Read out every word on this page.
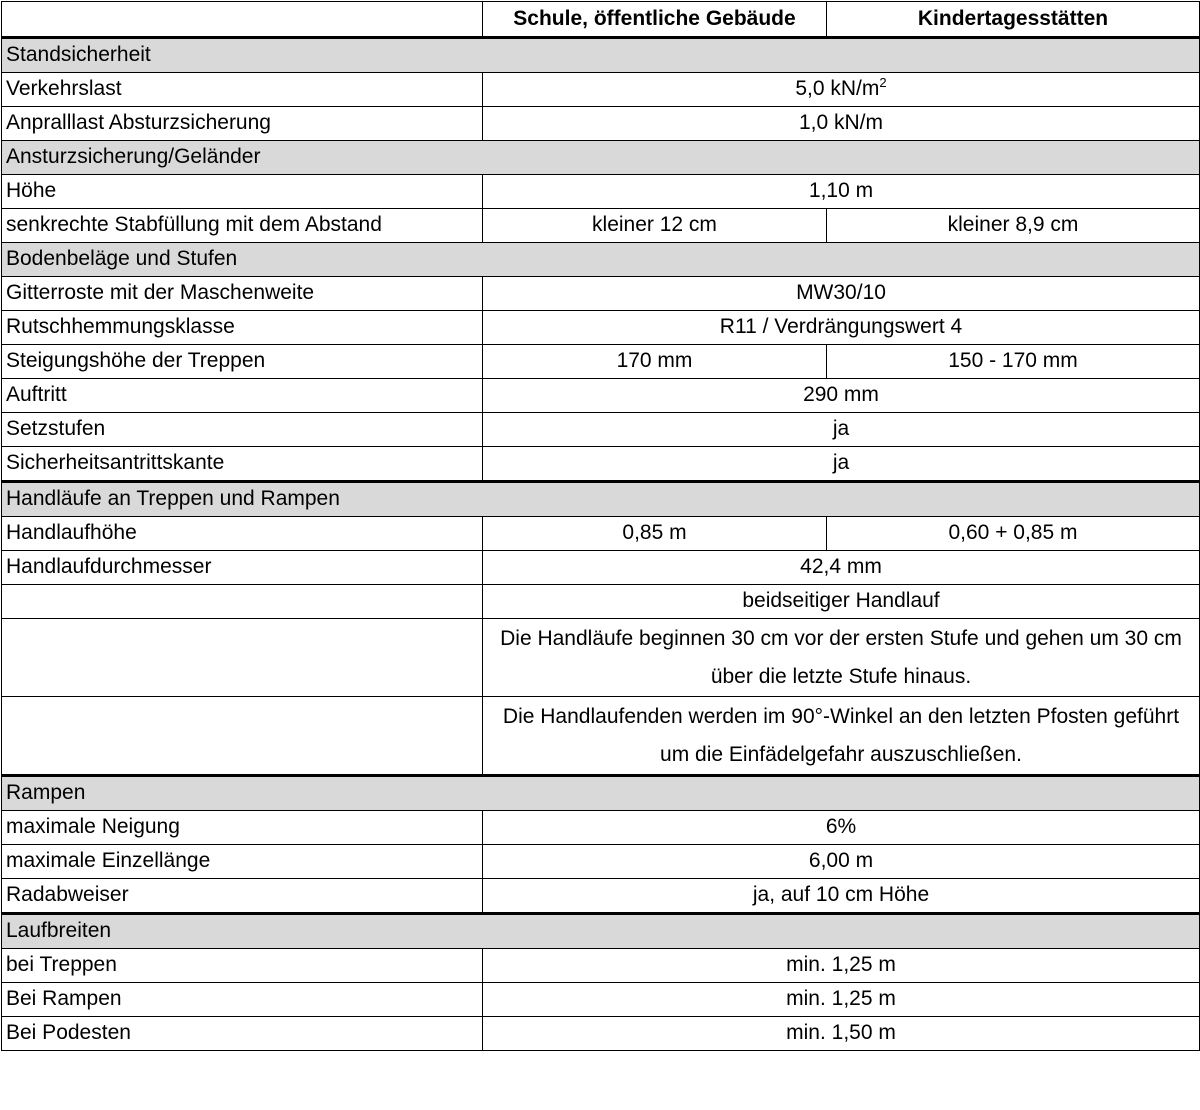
	Schule, öffentliche Gebäude	Kindertagesstätten
Standsicherheit		
Verkehrslast	5,0 $kN/m^2$
Anpralllast Absturzsicherung	1,0 kN/m	
Ansturzsicherung/Geländer		
Höhe	1,10 m	
senkrechte Stabfüllung mit dem Abstand	kleiner 12 cm	kleiner 8,9 cm
Bodenbeläge und Stufen		
Gitterroste mit der Maschenweite	MW30/10	
Rutschhemmungsklasse	R11 / Verdrängungswert 4	
Steigungshöhe der Treppen	170 mm	150 - 170 mm
Auftritt	290 mm	
Setzstufen	ja	
Sicherheitsantrittskante	ja	
Handläufe an Treppen und Rampen		
Handlaufhöhe	0,85 m	0,60 + 0,85 m
Handlaufdurchmesser	42,4 mm	
	beidseitiger Handlauf	
	Die Handläufe beginnen 30 cm vor der ersten Stufe und gehen um 30 cm über die letzte Stufe hinaus.	
	Die Handlaufenden werden im 90°-Winkel an den letzten Pfosten geführt um die Einfädelgefahr auszuschließen.	
Rampen		
maximale Neigung	6%	
maximale Einzellänge	6,00 m	
Radabweiser	ja, auf 10 cm Höhe	
Laufbreiten		
bei Treppen	min. 1,25 m	
Bei Rampen	min. 1,25 m	
Bei Podesten	min. 1,50 m	
